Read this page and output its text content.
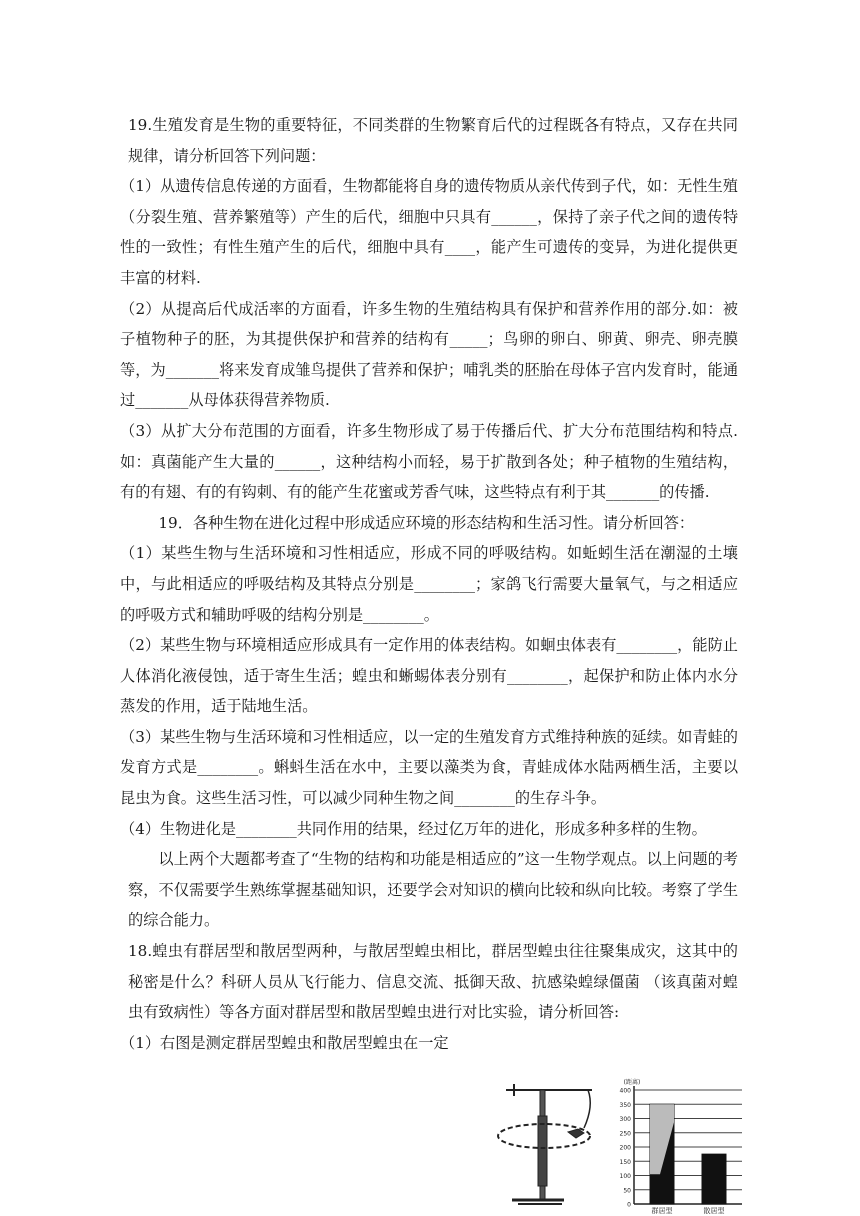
19.生殖发育是生物的重要特征，不同类群的生物繁育后代的过程既各有特点，又存在共同规律，请分析回答下列问题：

（1）从遗传信息传递的方面看，生物都能将自身的遗传物质从亲代传到子代，如：无性生殖（分裂生殖、营养繁殖等）产生的后代，细胞中只具有______，保持了亲子代之间的遗传特性的一致性；有性生殖产生的后代，细胞中具有____，能产生可遗传的变异，为进化提供更丰富的材料.

（2）从提高后代成活率的方面看，许多生物的生殖结构具有保护和营养作用的部分.如：被子植物种子的胚，为其提供保护和营养的结构有_____；鸟卵的卵白、卵黄、卵壳、卵壳膜等，为_______将来发育成雏鸟提供了营养和保护；哺乳类的胚胎在母体子宫内发育时，能通过_______从母体获得营养物质.

（3）从扩大分布范围的方面看，许多生物形成了易于传播后代、扩大分布范围结构和特点.如：真菌能产生大量的______，这种结构小而轻，易于扩散到各处；种子植物的生殖结构，有的有翅、有的有钩刺、有的能产生花蜜或芳香气味，这些特点有利于其_______的传播.

19．各种生物在进化过程中形成适应环境的形态结构和生活习性。请分析回答：

（1）某些生物与生活环境和习性相适应，形成不同的呼吸结构。如蚯蚓生活在潮湿的土壤中，与此相适应的呼吸结构及其特点分别是________；家鸽飞行需要大量氧气，与之相适应的呼吸方式和辅助呼吸的结构分别是________。

（2）某些生物与环境相适应形成具有一定作用的体表结构。如蛔虫体表有________，能防止人体消化液侵蚀，适于寄生生活；蝗虫和蜥蜴体表分别有________，起保护和防止体内水分蒸发的作用，适于陆地生活。

（3）某些生物与生活环境和习性相适应，以一定的生殖发育方式维持种族的延续。如青蛙的发育方式是________。蝌蚪生活在水中，主要以藻类为食，青蛙成体水陆两栖生活，主要以昆虫为食。这些生活习性，可以减少同种生物之间________的生存斗争。

（4）生物进化是________共同作用的结果，经过亿万年的进化，形成多种多样的生物。

以上两个大题都考查了“生物的结构和功能是相适应的”这一生物学观点。以上问题的考察，不仅需要学生熟练掌握基础知识，还要学会对知识的横向比较和纵向比较。考察了学生的综合能力。

18.蝗虫有群居型和散居型两种，与散居型蝗虫相比，群居型蝗虫往往聚集成灾，这其中的秘密是什么？科研人员从飞行能力、信息交流、抵御天敌、抗感染蝗绿僵菌 （该真菌对蝗虫有致病性）等各方面对群居型和散居型蝗虫进行对比实验，请分析回答:

（1）右图是测定群居型蝗虫和散居型蝗虫在一定

400
350
300
250
200
150
100
50
0
(距离)
群居型	散居型
